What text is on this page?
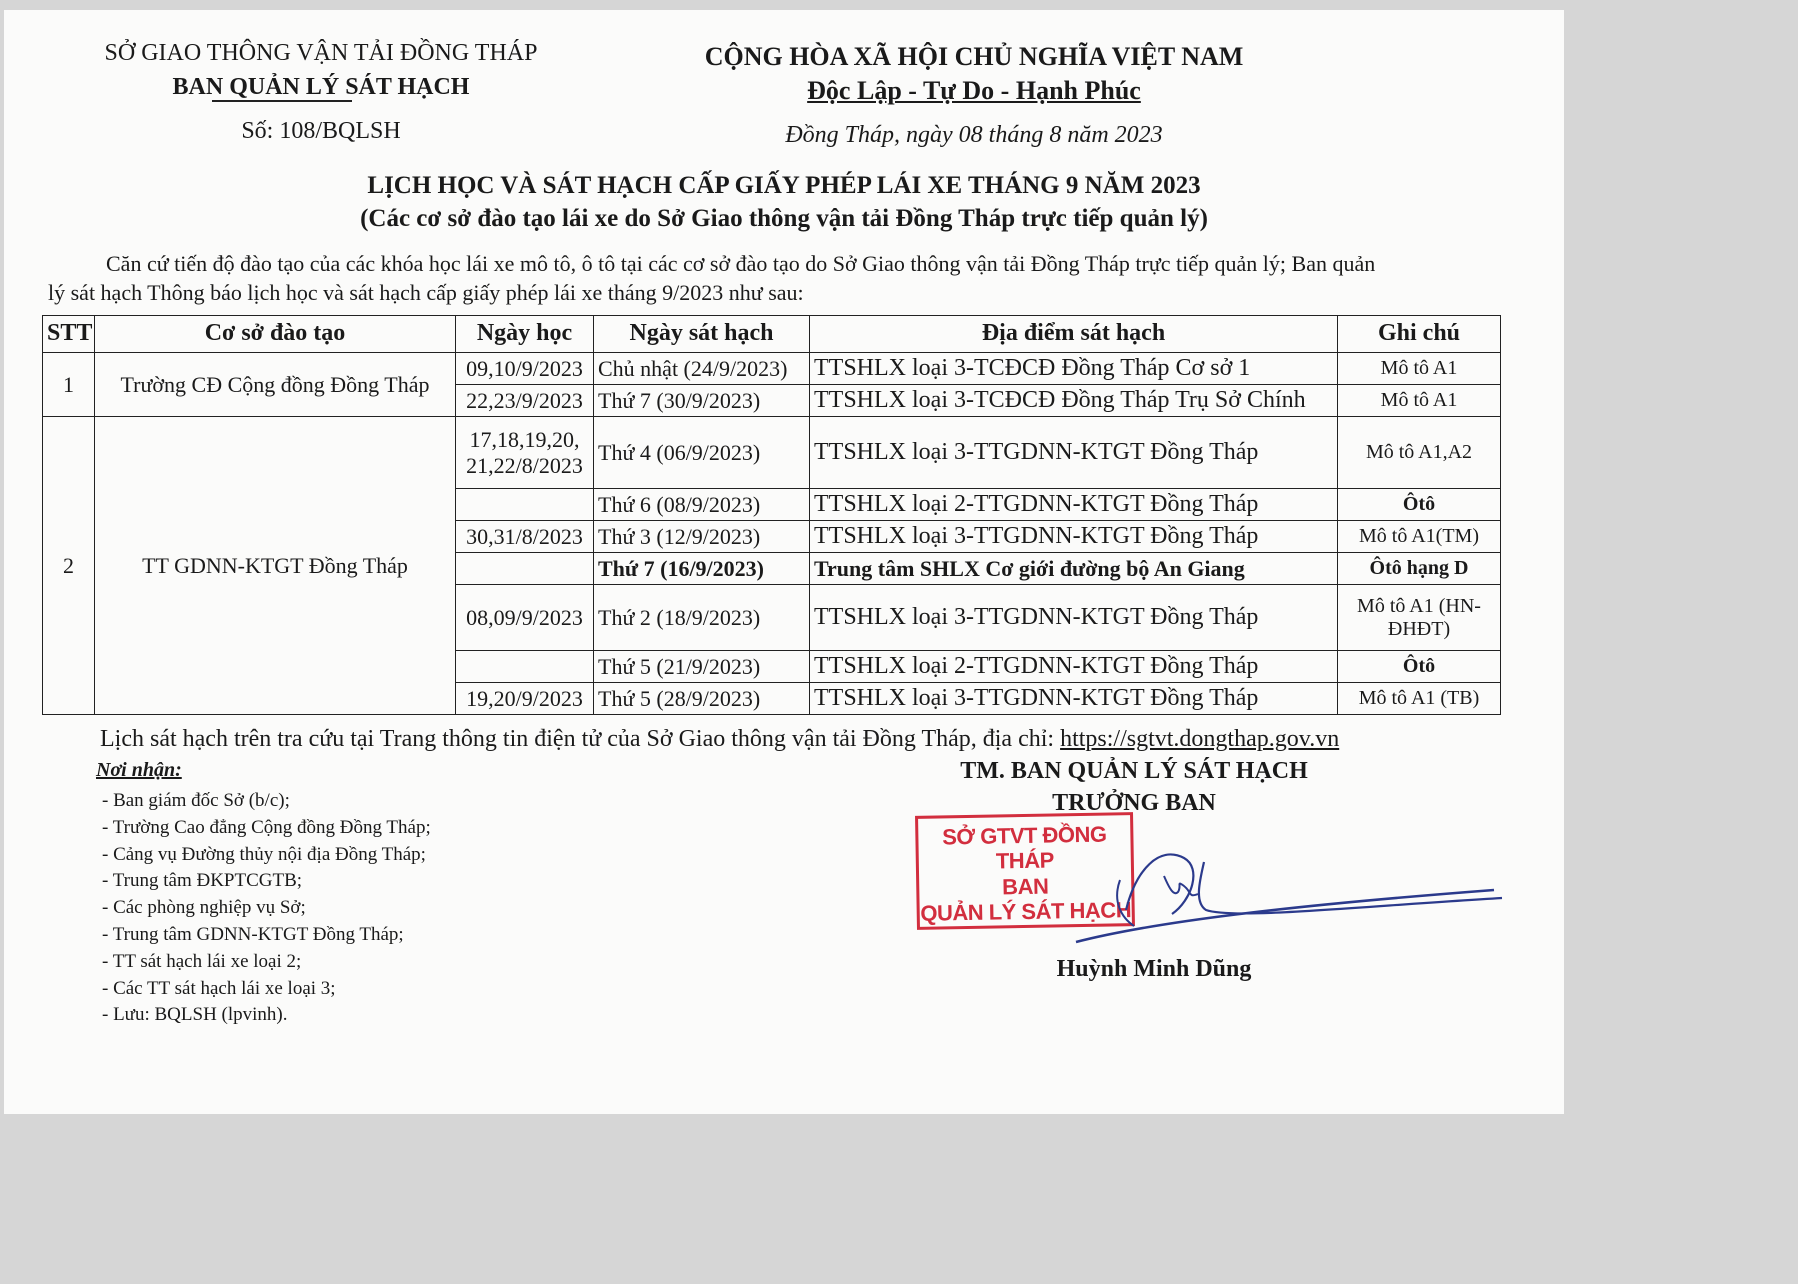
SỞ GIAO THÔNG VẬN TẢI ĐỒNG THÁP
BAN QUẢN LÝ SÁT HẠCH
Số: 108/BQLSH
CỘNG HÒA XÃ HỘI CHỦ NGHĨA VIỆT NAM
Độc Lập - Tự Do - Hạnh Phúc
Đồng Tháp, ngày 08 tháng 8 năm 2023
LỊCH HỌC VÀ SÁT HẠCH CẤP GIẤY PHÉP LÁI XE THÁNG 9 NĂM 2023
(Các cơ sở đào tạo lái xe do Sở Giao thông vận tải Đồng Tháp trực tiếp quản lý)
Căn cứ tiến độ đào tạo của các khóa học lái xe mô tô, ô tô tại các cơ sở đào tạo do Sở Giao thông vận tải Đồng Tháp trực tiếp quản lý; Ban quản
lý sát hạch Thông báo lịch học và sát hạch cấp giấy phép lái xe tháng 9/2023 như sau:
STT	Cơ sở đào tạo	Ngày học	Ngày sát hạch	Địa điểm sát hạch	Ghi chú
1	Trường CĐ Cộng đồng Đồng Tháp	09,10/9/2023	Chủ nhật (24/9/2023)	TTSHLX loại 3-TCĐCĐ Đồng Tháp Cơ sở 1	Mô tô A1
		22,23/9/2023	Thứ 7 (30/9/2023)	TTSHLX loại 3-TCĐCĐ Đồng Tháp Trụ Sở Chính	Mô tô A1
2	TT GDNN-KTGT Đồng Tháp	17,18,19,20, 21,22/8/2023	Thứ 4 (06/9/2023)	TTSHLX loại 3-TTGDNN-KTGT Đồng Tháp	Mô tô A1,A2
			Thứ 6 (08/9/2023)	TTSHLX loại 2-TTGDNN-KTGT Đồng Tháp	Ôtô
		30,31/8/2023	Thứ 3 (12/9/2023)	TTSHLX loại 3-TTGDNN-KTGT Đồng Tháp	Mô tô A1(TM)
			Thứ 7 (16/9/2023)	Trung tâm SHLX Cơ giới đường bộ An Giang	Ôtô hạng D
		08,09/9/2023	Thứ 2 (18/9/2023)	TTSHLX loại 3-TTGDNN-KTGT Đồng Tháp	Mô tô A1 (HN-ĐHĐT)
			Thứ 5 (21/9/2023)	TTSHLX loại 2-TTGDNN-KTGT Đồng Tháp	Ôtô
		19,20/9/2023	Thứ 5 (28/9/2023)	TTSHLX loại 3-TTGDNN-KTGT Đồng Tháp	Mô tô A1 (TB)
Lịch sát hạch trên tra cứu tại Trang thông tin điện tử của Sở Giao thông vận tải Đồng Tháp, địa chỉ: https://sgtvt.dongthap.gov.vn
Nơi nhận:
- Ban giám đốc Sở (b/c);
- Trường Cao đẳng Cộng đồng Đồng Tháp;
- Cảng vụ Đường thủy nội địa Đồng Tháp;
- Trung tâm ĐKPTCGTB;
- Các phòng nghiệp vụ Sở;
- Trung tâm GDNN-KTGT Đồng Tháp;
- TT sát hạch lái xe loại 2;
- Các TT sát hạch lái xe loại 3;
- Lưu: BQLSH (lpvinh).
TM. BAN QUẢN LÝ SÁT HẠCH
TRƯỞNG BAN
SỞ GTVT ĐỒNG THÁP
BAN
QUẢN LÝ SÁT HẠCH
Huỳnh Minh Dũng
